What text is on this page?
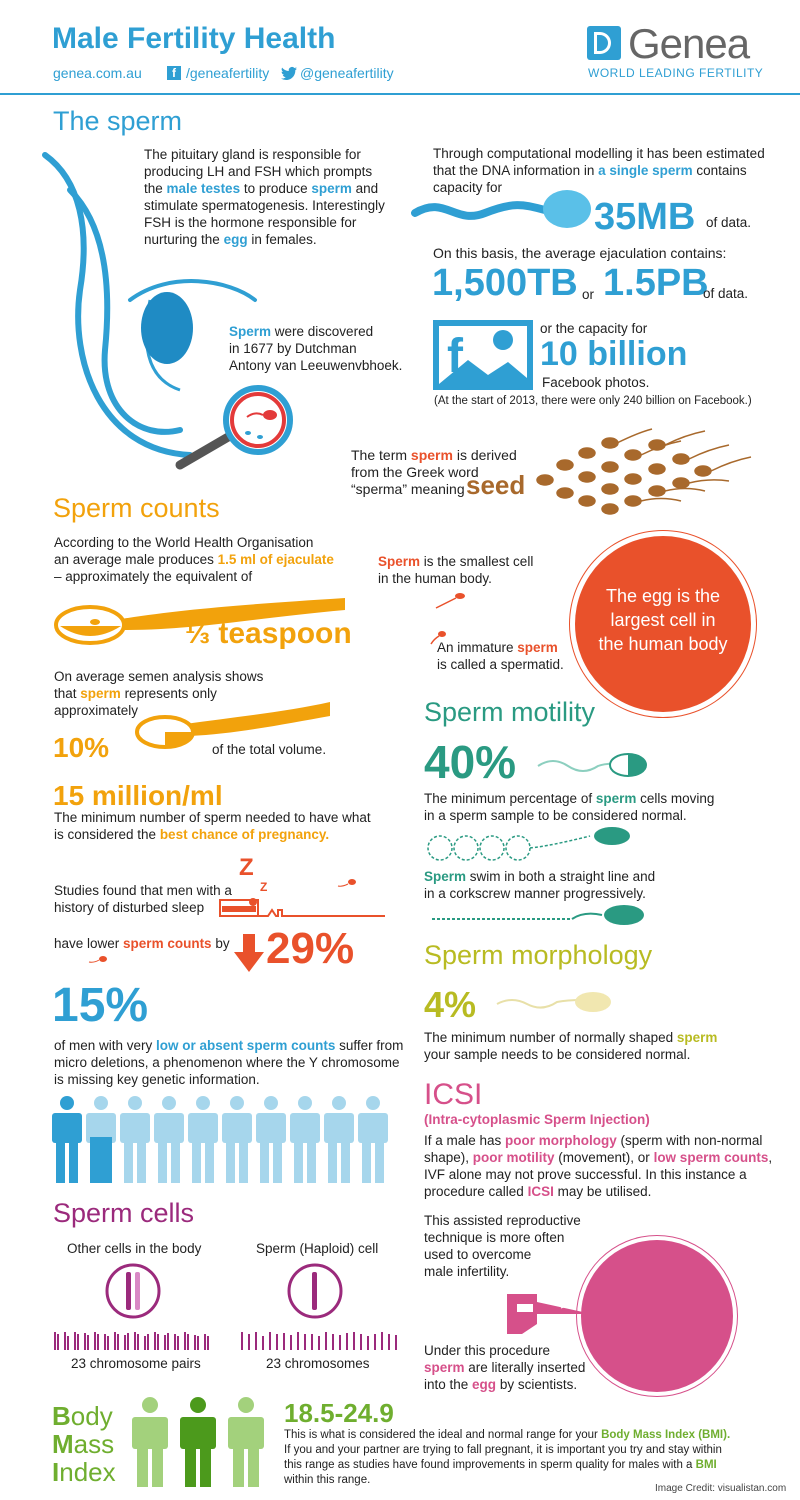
Male Fertility Health
genea.com.au	f /geneafertility @geneafertility
Genea
WORLD LEADING FERTILITY
The sperm
The pituitary gland is responsible for
producing LH and FSH which prompts
the male testes to produce sperm and
stimulate spermatogenesis. Interestingly
FSH is the hormone responsible for
nurturing the egg in females.
Sperm were discovered
in 1677 by Dutchman
Antony van Leeuwenvbhoek.
Through computational modelling it has been estimated
that the DNA information in a single sperm contains
capacity for
35MB of data.
On this basis, the average ejaculation contains:
1,500TB or 1.5PB
of data.
f
or the capacity for
10 billion
Facebook photos.
(At the start of 2013, there were only 240 billion on Facebook.)
The term sperm is derived
from the Greek word
“sperma” meaning seed
Sperm counts
According to the World Health Organisation
an average male produces 1.5 ml of ejaculate
– approximately the equivalent of
⅓ teaspoon
On average semen analysis shows
that sperm represents only
approximately
10%	of the total volume.
15 million/ml
The minimum number of sperm needed to have what
is considered the best chance of pregnancy.
Sperm is the smallest cell
in the human body.
An immature sperm
is called a spermatid.
The egg is the
largest cell in
the human body
Studies found that men with a
history of disturbed sleep
Z
Z
have lower sperm counts by 29%
15%
of men with very low or absent sperm counts suffer from
micro deletions, a phenomenon where the Y chromosome
is missing key genetic information.
Sperm motility
40%
The minimum percentage of sperm cells moving
in a sperm sample to be considered normal.
Sperm swim in both a straight line and
in a corkscrew manner progressively.
Sperm morphology
4%
The minimum number of normally shaped sperm
your sample needs to be considered normal.
ICSI
(Intra-cytoplasmic Sperm Injection)
If a male has poor morphology (sperm with non-normal
shape), poor motility (movement), or low sperm counts,
IVF alone may not prove successful. In this instance a
procedure called ICSI may be utilised.
This assisted reproductive
technique is more often
used to overcome
male infertility.
Under this procedure
sperm are literally inserted
into the egg by scientists.
Sperm cells
Other cells in the body	Sperm (Haploid) cell
23 chromosome pairs	23 chromosomes
Body
Mass
Index
18.5-24.9
This is what is considered the ideal and normal range for your Body Mass Index (BMI).
If you and your partner are trying to fall pregnant, it is important you try and stay within
this range as studies have found improvements in sperm quality for males with a BMI
within this range.
Image Credit: visualistan.com
